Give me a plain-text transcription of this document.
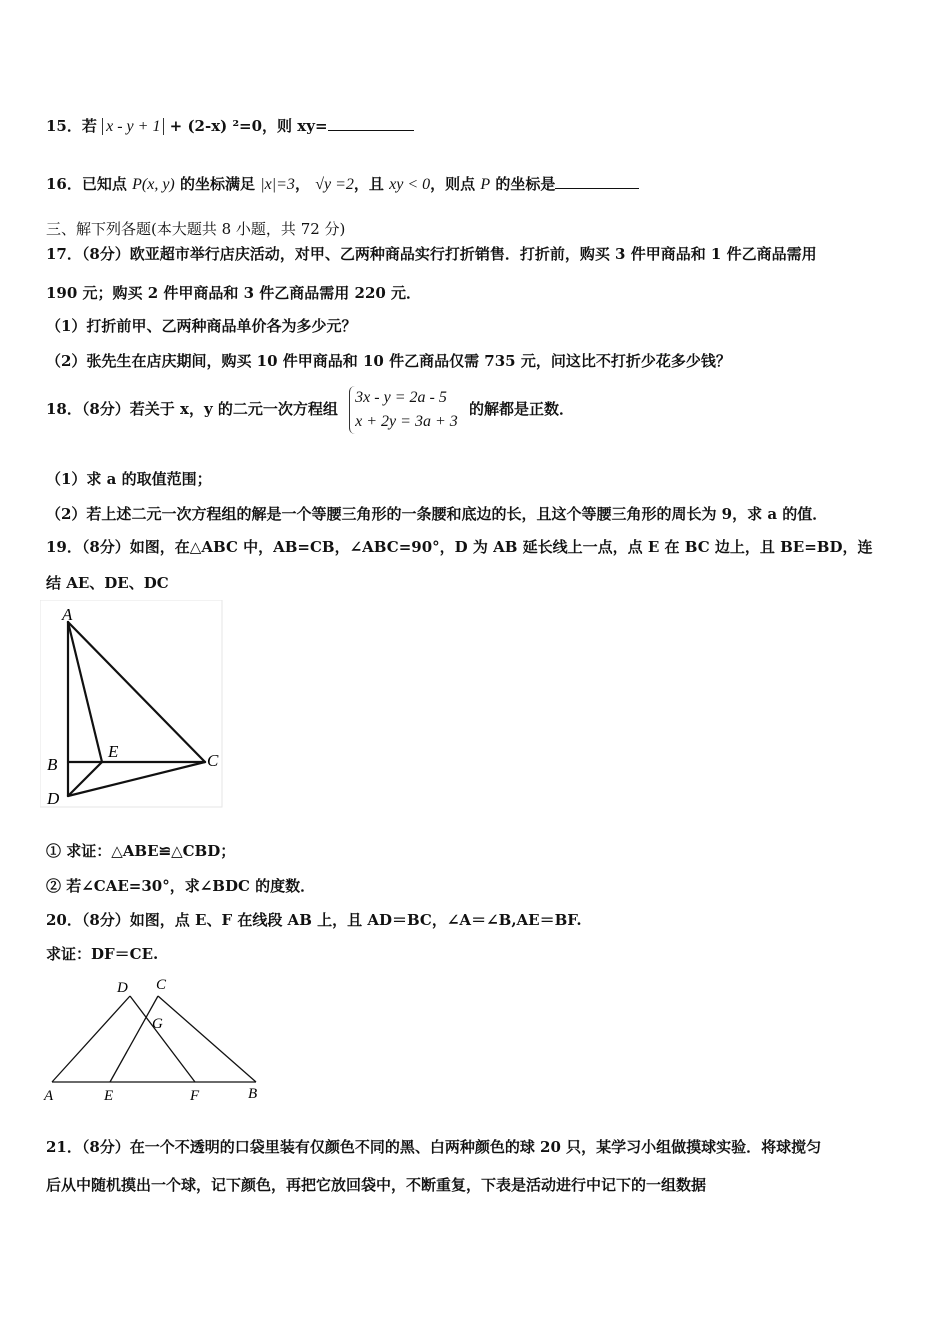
15．若 x - y + 1 + (2-x) ²=0，则 xy=
16．已知点 P(x, y) 的坐标满足 |x|=3， √y =2，且 xy < 0，则点 P 的坐标是
三、解下列各题(本大题共 8 小题，共 72 分)
17．（8分）欧亚超市举行店庆活动，对甲、乙两种商品实行打折销售．打折前，购买 3 件甲商品和 1 件乙商品需用
190 元；购买 2 件甲商品和 3 件乙商品需用 220 元．
（1）打折前甲、乙两种商品单价各为多少元？
（2）张先生在店庆期间，购买 10 件甲商品和 10 件乙商品仅需 735 元，问这比不打折少花多少钱？
18．（8分）若关于 x，y 的二元一次方程组
3x - y = 2a - 5
x + 2y = 3a + 3
的解都是正数．
（1）求 a 的取值范围；
（2）若上述二元一次方程组的解是一个等腰三角形的一条腰和底边的长，且这个等腰三角形的周长为 9，求 a 的值．
19．（8分）如图，在△ABC 中，AB=CB，∠ABC=90°，D 为 AB 延长线上一点，点 E 在 BC 边上，且 BE=BD，连
结 AE、DE、DC
A
B	C
D
E
① 求证：△ABE≌△CBD；
② 若∠CAE=30°，求∠BDC 的度数．
20．（8分）如图，点 E、F 在线段 AB 上，且 AD＝BC，∠A＝∠B,AE＝BF.
求证：DF＝CE.
D C
G
A	E	F	B
21．（8分）在一个不透明的口袋里装有仅颜色不同的黑、白两种颜色的球 20 只，某学习小组做摸球实验．将球搅匀
后从中随机摸出一个球，记下颜色，再把它放回袋中，不断重复，下表是活动进行中记下的一组数据
